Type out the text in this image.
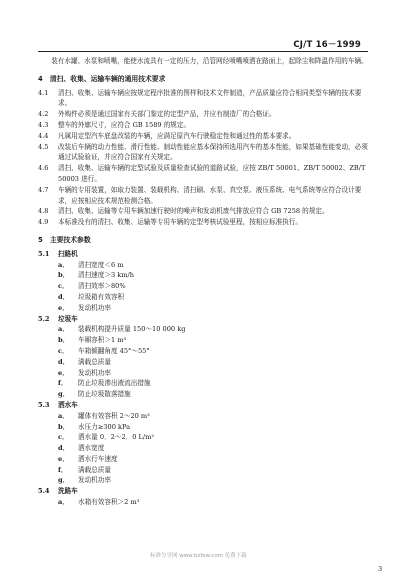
CJ/T 16－1999

装有水罐、水泵和喷嘴，能使水流具有一定的压力，沿管网经喷嘴喷洒在路面上，起除尘和降温作用的车辆。

4 清扫、收集、运输车辆的通用技术要求
4.1	清扫、收集、运输车辆应按规定程序批准的图样和技术文件制造，产品质量应符合相同类型车辆的技术要求。
4.2	外购件必须是通过国家有关部门鉴定的定型产品，并应有制造厂的合格证。
4.3	整车的外廓尺寸，应符合 GB 1589 的规定。
4.4	凡属用定型汽车底盘改装的车辆，应满足原汽车行驶稳定性和通过性的基本要求。
4.5	改装后车辆的动力性能、滑行性能、制动性能应基本保持所选用汽车的基本性能，如果基础性能变动，必须通过试验验证，并应符合国家有关规定。
4.6	清扫、收集、运输车辆的定型试验及质量检查试验的道路试验，应按 ZB/T 50001、ZB/T 50002、ZB/T 50003 进行。
4.7	车辆的专用装置，如取力装置、装载机构、清扫刷、水泵、真空泵、液压系统、电气系统等应符合设计要求，应按相应技术规范检测合格。
4.8	清扫、收集、运输等专用车辆加速行驶时的噪声和发动机废气排放应符合 GB 7258 的规定。
4.9	本标准没有的清扫、收集、运输等专用车辆的定型考核试验里程，按相应标准执行。
5 主要技术参数
5.1	扫路机
a．	清扫宽度＜6 m
b．	清扫速度＞3 km/h
c．	清扫效率＞80%
d．	垃圾箱有效容积
e．	发动机功率
5.2	垃圾车
a．	装载机构提升质量 150～10 000 kg
b．	车厢容积＞1 m³
c．	车箱倾翻角度 45°～55°
d．	满载总质量
e．	发动机功率
f．	防止垃圾渗出液流出措施
g．	防止垃圾散落措施
5.3	洒水车
a．	罐体有效容积 2～20 m³
b．	水压力≥300 kPa
c．	洒水量 0．2～2．0 L/m²
d．	洒水宽度
e．	洒水行车速度
f．	满载总质量
g．	发动机功率
5.4	洗路车
a．	水箱有效容积＞2 m³
标准分享网 www.bzfxw.com 免费下载
3
